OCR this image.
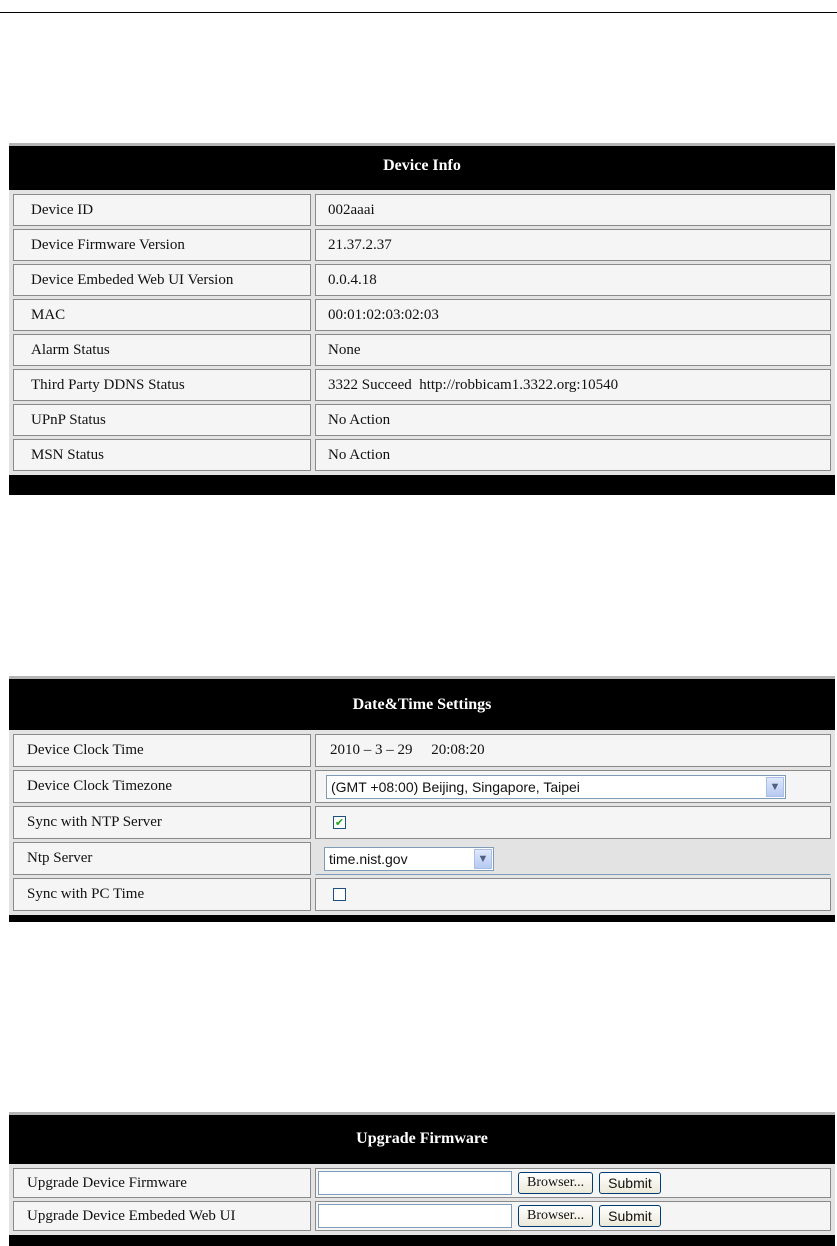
Device Info
Device ID	002aaai
Device Firmware Version	21.37.2.37
Device Embeded Web UI Version	0.0.4.18
MAC	00:01:02:03:02:03
Alarm Status	None
Third Party DDNS Status	3322 Succeed  http://robbicam1.3322.org:10540
UPnP Status	No Action
MSN Status	No Action
Date&Time Settings
Device Clock Time	2010 – 3 – 29     20:08:20
Device Clock Timezone	(GMT +08:00) Beijing, Singapore, Taipei	▼
Sync with NTP Server	✔
Ntp Server	time.nist.gov	▼
Sync with PC Time
Upgrade Firmware
Upgrade Device Firmware	Browser...	Submit
Upgrade Device Embeded Web UI	Browser...	Submit
